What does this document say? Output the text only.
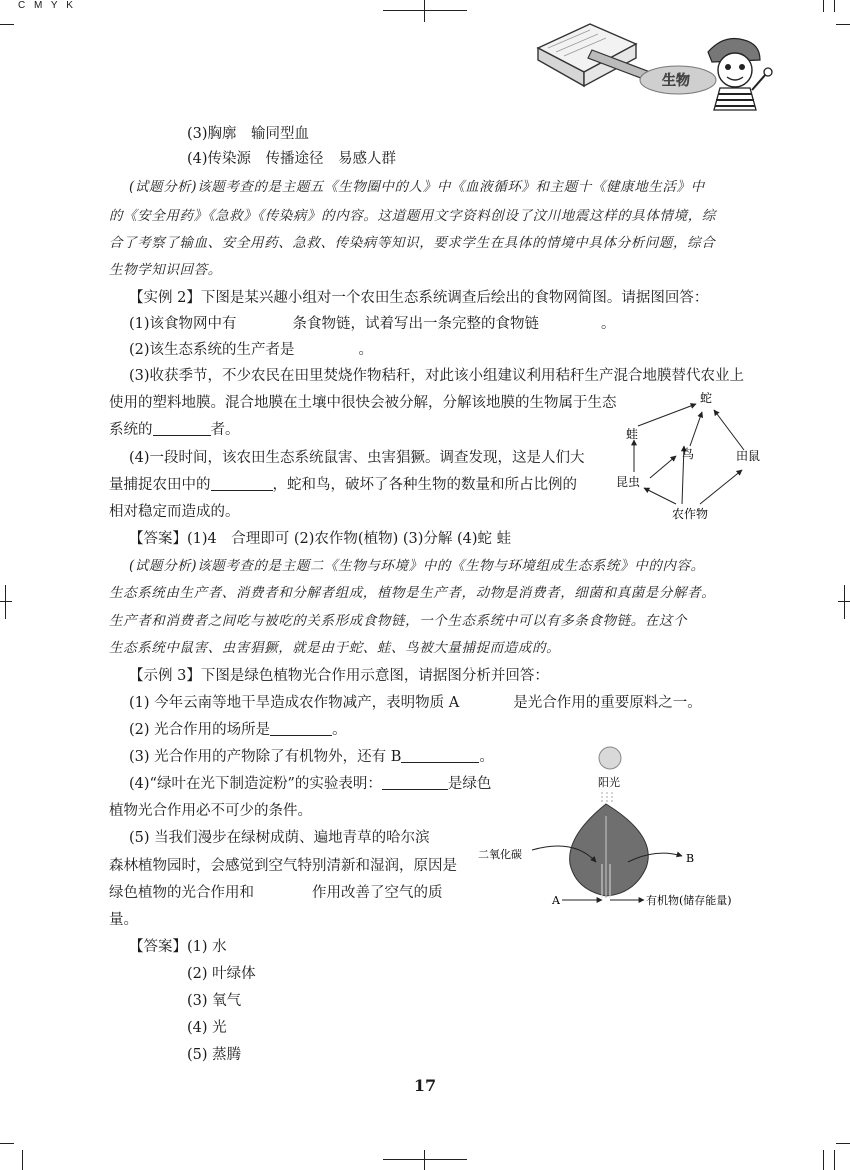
C M Y K
生物
(3)胸廓　输同型血
(4)传染源　传播途径　易感人群
(试题分析)该题考查的是主题五《生物圈中的人》中《血液循环》和主题十《健康地生活》中
的《安全用药》《急救》《传染病》的内容。这道题用文字资料创设了汶川地震这样的具体情境，综
合了考察了输血、安全用药、急救、传染病等知识，要求学生在具体的情境中具体分析问题，综合
生物学知识回答。
【实例 2】下图是某兴趣小组对一个农田生态系统调查后绘出的食物网简图。请据图回答：
(1)该食物网中有	条食物链，试着写出一条完整的食物链	。
(2)该生态系统的生产者是	。
(3)收获季节，不少农民在田里焚烧作物秸秆，对此该小组建议利用秸秆生产混合地膜替代农业上
使用的塑料地膜。混合地膜在土壤中很快会被分解，分解该地膜的生物属于生态
系统的	者。
(4)一段时间，该农田生态系统鼠害、虫害猖獗。调查发现，这是人们大
量捕捉农田中的	，蛇和鸟，破坏了各种生物的数量和所占比例的
相对稳定而造成的。
蛇
蛙
鸟	田鼠
昆虫
农作物
【答案】(1)4　合理即可 (2)农作物(植物) (3)分解 (4)蛇 蛙
(试题分析)该题考查的是主题二《生物与环境》中的《生物与环境组成生态系统》中的内容。
生态系统由生产者、消费者和分解者组成，植物是生产者，动物是消费者，细菌和真菌是分解者。
生产者和消费者之间吃与被吃的关系形成食物链，一个生态系统中可以有多条食物链。在这个
生态系统中鼠害、虫害猖獗，就是由于蛇、蛙、鸟被大量捕捉而造成的。
【示例 3】下图是绿色植物光合作用示意图，请据图分析并回答：
(1) 今年云南等地干旱造成农作物减产，表明物质 A	是光合作用的重要原料之一。
(2) 光合作用的场所是	。
(3) 光合作用的产物除了有机物外，还有 B	。
(4)“绿叶在光下制造淀粉”的实验表明：	是绿色
植物光合作用必不可少的条件。
(5) 当我们漫步在绿树成荫、遍地青草的哈尔滨
森林植物园时，会感觉到空气特别清新和湿润，原因是
绿色植物的光合作用和	作用改善了空气的质
量。
阳光
二氧化碳	B
A	有机物(储存能量)
【答案】(1) 水
(2) 叶绿体
(3) 氧气
(4) 光
(5) 蒸腾
17
